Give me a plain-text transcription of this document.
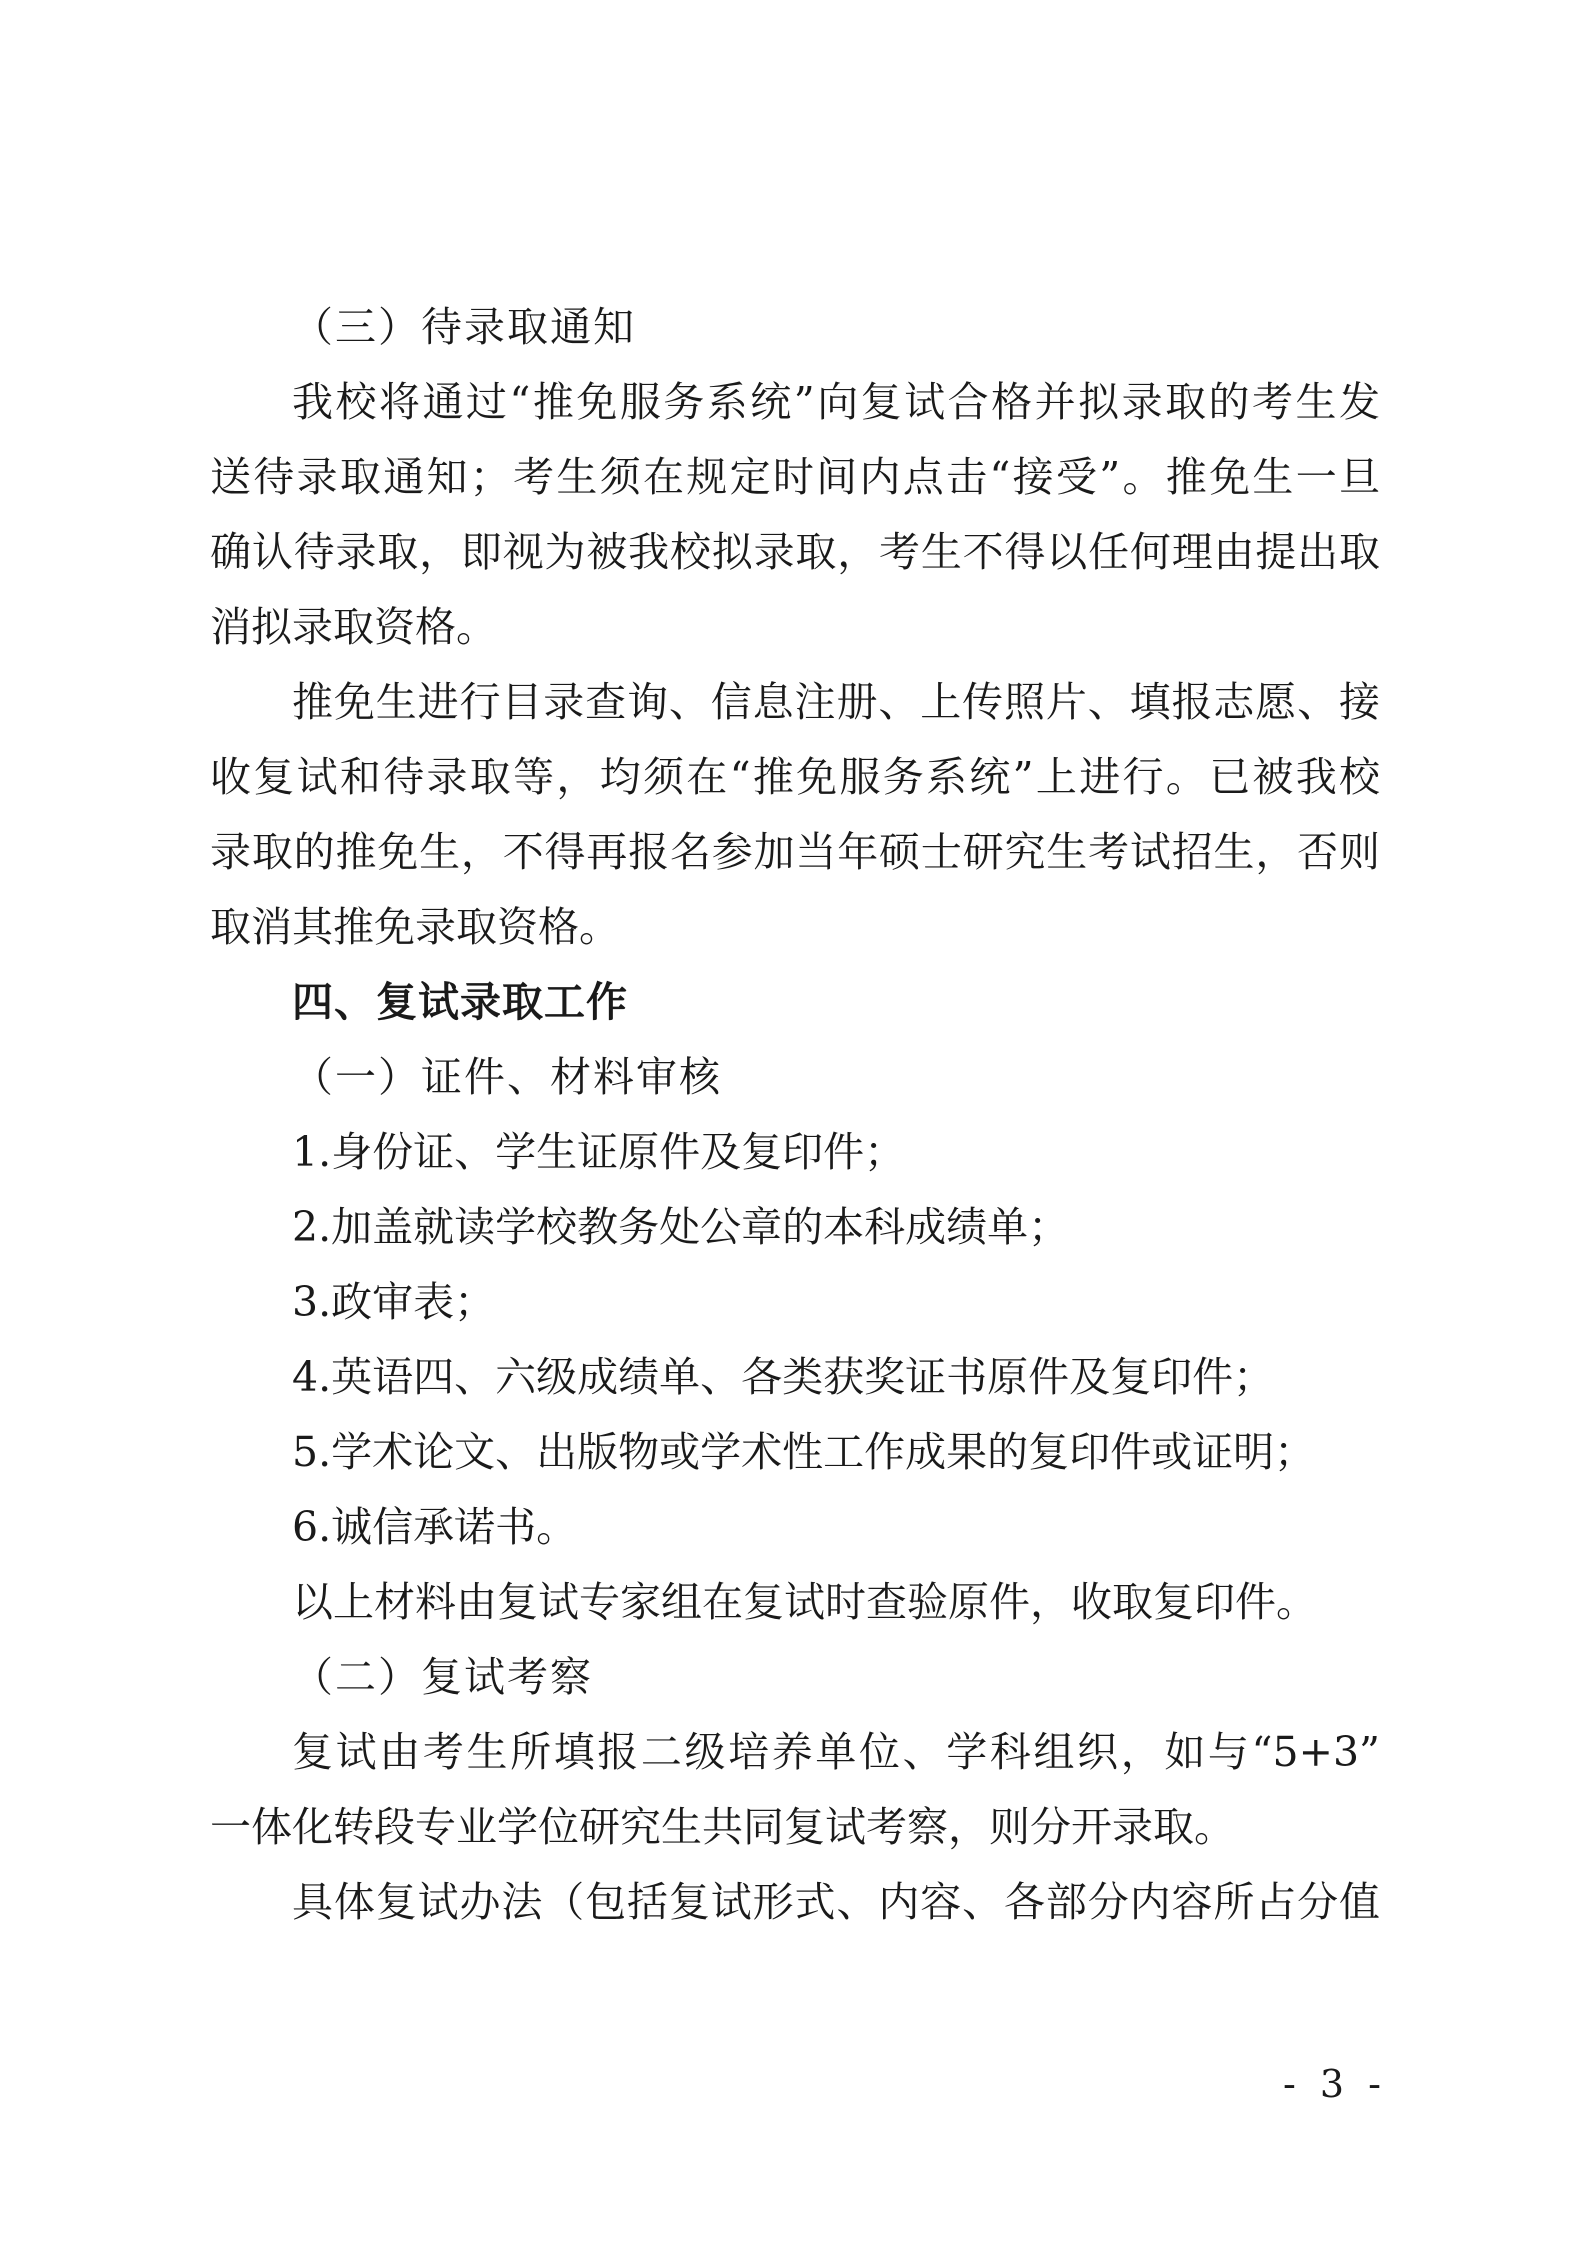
（三）待录取通知
我校将通过“推免服务系统”向复试合格并拟录取的考生发
送待录取通知；考生须在规定时间内点击“接受”。推免生一旦
确认待录取，即视为被我校拟录取，考生不得以任何理由提出取
消拟录取资格。
推免生进行目录查询、信息注册、上传照片、填报志愿、接
收复试和待录取等，均须在“推免服务系统”上进行。已被我校
录取的推免生，不得再报名参加当年硕士研究生考试招生，否则
取消其推免录取资格。
四、复试录取工作
（一）证件、材料审核
1.身份证、学生证原件及复印件；
2.加盖就读学校教务处公章的本科成绩单；
3.政审表；
4.英语四、六级成绩单、各类获奖证书原件及复印件；
5.学术论文、出版物或学术性工作成果的复印件或证明；
6.诚信承诺书。
以上材料由复试专家组在复试时查验原件，收取复印件。
（二）复试考察
复试由考生所填报二级培养单位、学科组织，如与“5+3”
一体化转段专业学位研究生共同复试考察，则分开录取。
具体复试办法（包括复试形式、内容、各部分内容所占分值
- 3 -
